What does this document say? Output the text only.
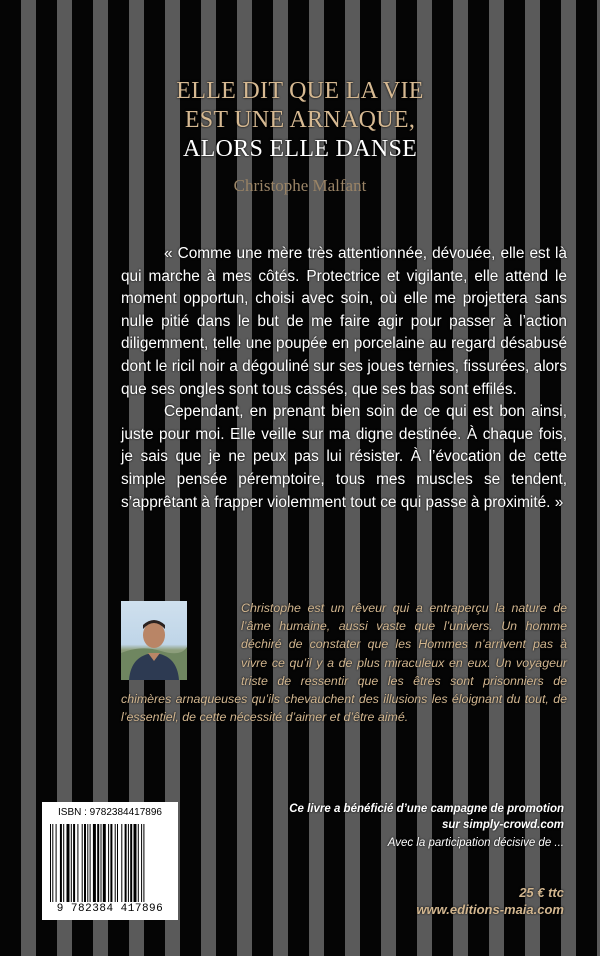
ELLE DIT QUE LA VIE
EST UNE ARNAQUE,
ALORS ELLE DANSE
Christophe Malfant

« Comme une mère très attentionnée, dévouée, elle est là qui marche à mes côtés. Protectrice et vigilante, elle attend le moment opportun, choisi avec soin, où elle me projettera sans nulle pitié dans le but de me faire agir pour passer à l’action diligemment, telle une poupée en porcelaine au regard désabusé dont le ricil noir a dégouliné sur ses joues ternies, fissurées, alors que ses ongles sont tous cassés, que ses bas sont effilés.

Cependant, en prenant bien soin de ce qui est bon ainsi, juste pour moi. Elle veille sur ma digne destinée. À chaque fois, je sais que je ne peux pas lui résister. À l’évocation de cette simple pensée péremptoire, tous mes muscles se tendent, s’apprêtant à frapper violemment tout ce qui passe à proximité. »

Christophe est un rêveur qui a entraperçu la nature de l’âme humaine, aussi vaste que l’univers. Un homme déchiré de constater que les Hommes n’arrivent pas à vivre ce qu’il y a de plus miraculeux en eux. Un voyageur triste de ressentir que les êtres sont prisonniers de chimères arnaqueuses qu’ils chevauchent des illusions les éloignant du tout, de l’essentiel, de cette nécessité d’aimer et d’être aimé.
ISBN : 9782384417896
9 782384 417896
Ce livre a bénéficié d’une campagne de promotion
sur simply-crowd.com
Avec la participation décisive de ...
25 € ttc
www.editions-maia.com
